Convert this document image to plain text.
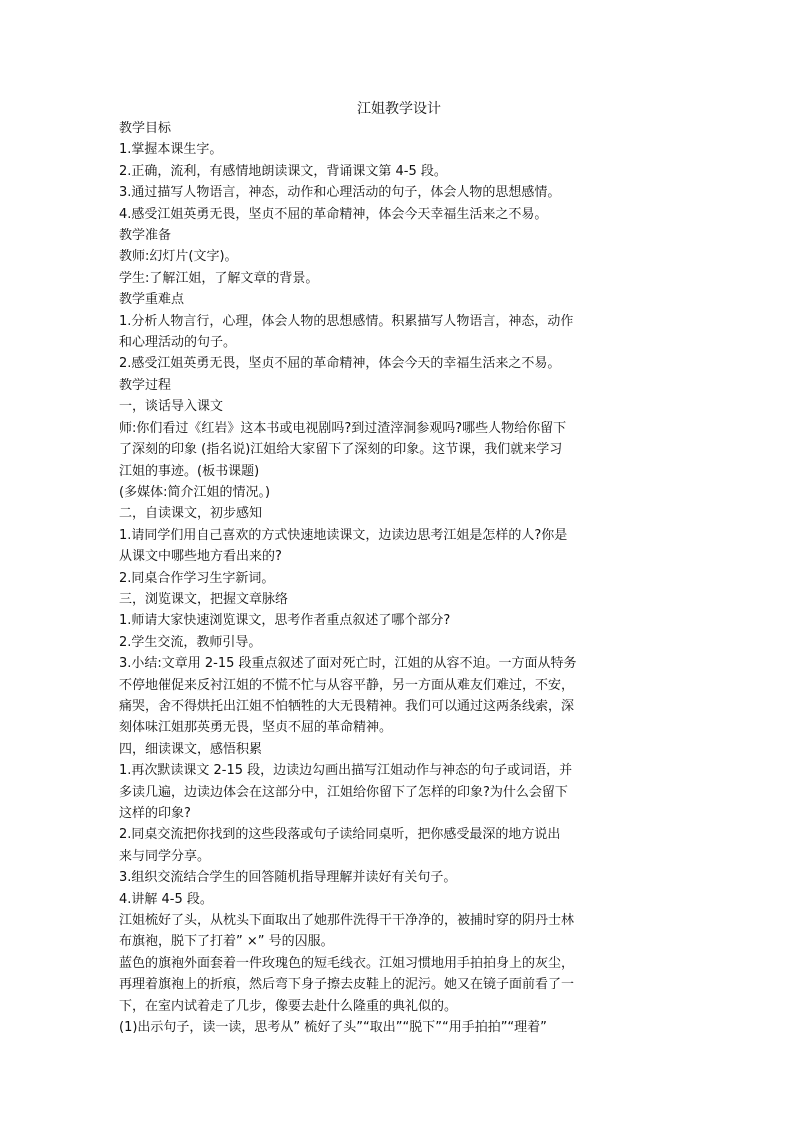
江姐教学设计
教学目标
1.掌握本课生字。
2.正确，流利，有感情地朗读课文，背诵课文第 4-5 段。
3.通过描写人物语言，神态，动作和心理活动的句子，体会人物的思想感情。
4.感受江姐英勇无畏，坚贞不屈的革命精神，体会今天幸福生活来之不易。
教学准备
教师:幻灯片(文字)。
学生:了解江姐，了解文章的背景。
教学重难点
1.分析人物言行，心理，体会人物的思想感情。积累描写人物语言，神态，动作
和心理活动的句子。
2.感受江姐英勇无畏，坚贞不屈的革命精神，体会今天的幸福生活来之不易。
教学过程
一，谈话导入课文
师:你们看过《红岩》这本书或电视剧吗?到过渣滓洞参观吗?哪些人物给你留下
了深刻的印象 (指名说)江姐给大家留下了深刻的印象。这节课，我们就来学习
江姐的事迹。(板书课题)
(多媒体:简介江姐的情况。)
二，自读课文，初步感知
1.请同学们用自己喜欢的方式快速地读课文，边读边思考江姐是怎样的人?你是
从课文中哪些地方看出来的?
2.同桌合作学习生字新词。
三，浏览课文，把握文章脉络
1.师请大家快速浏览课文，思考作者重点叙述了哪个部分?
2.学生交流，教师引导。
3.小结:文章用 2-15 段重点叙述了面对死亡时，江姐的从容不迫。一方面从特务
不停地催促来反衬江姐的不慌不忙与从容平静，另一方面从难友们难过，不安，
痛哭，舍不得烘托出江姐不怕牺牲的大无畏精神。我们可以通过这两条线索，深
刻体味江姐那英勇无畏，坚贞不屈的革命精神。
四，细读课文，感悟积累
1.再次默读课文 2-15 段，边读边勾画出描写江姐动作与神态的句子或词语，并
多读几遍，边读边体会在这部分中，江姐给你留下了怎样的印象?为什么会留下
这样的印象?
2.同桌交流把你找到的这些段落或句子读给同桌听，把你感受最深的地方说出
来与同学分享。
3.组织交流结合学生的回答随机指导理解并读好有关句子。
4.讲解 4-5 段。
江姐梳好了头，从枕头下面取出了她那件洗得干干净净的，被捕时穿的阴丹士林
布旗袍，脱下了打着” ×” 号的囚服。
蓝色的旗袍外面套着一件玫瑰色的短毛线衣。江姐习惯地用手拍拍身上的灰尘，
再理着旗袍上的折痕，然后弯下身子擦去皮鞋上的泥污。她又在镜子面前看了一
下，在室内试着走了几步，像要去赴什么隆重的典礼似的。
(1)出示句子，读一读，思考从” 梳好了头”“取出”“脱下”“用手拍拍”“理着”
